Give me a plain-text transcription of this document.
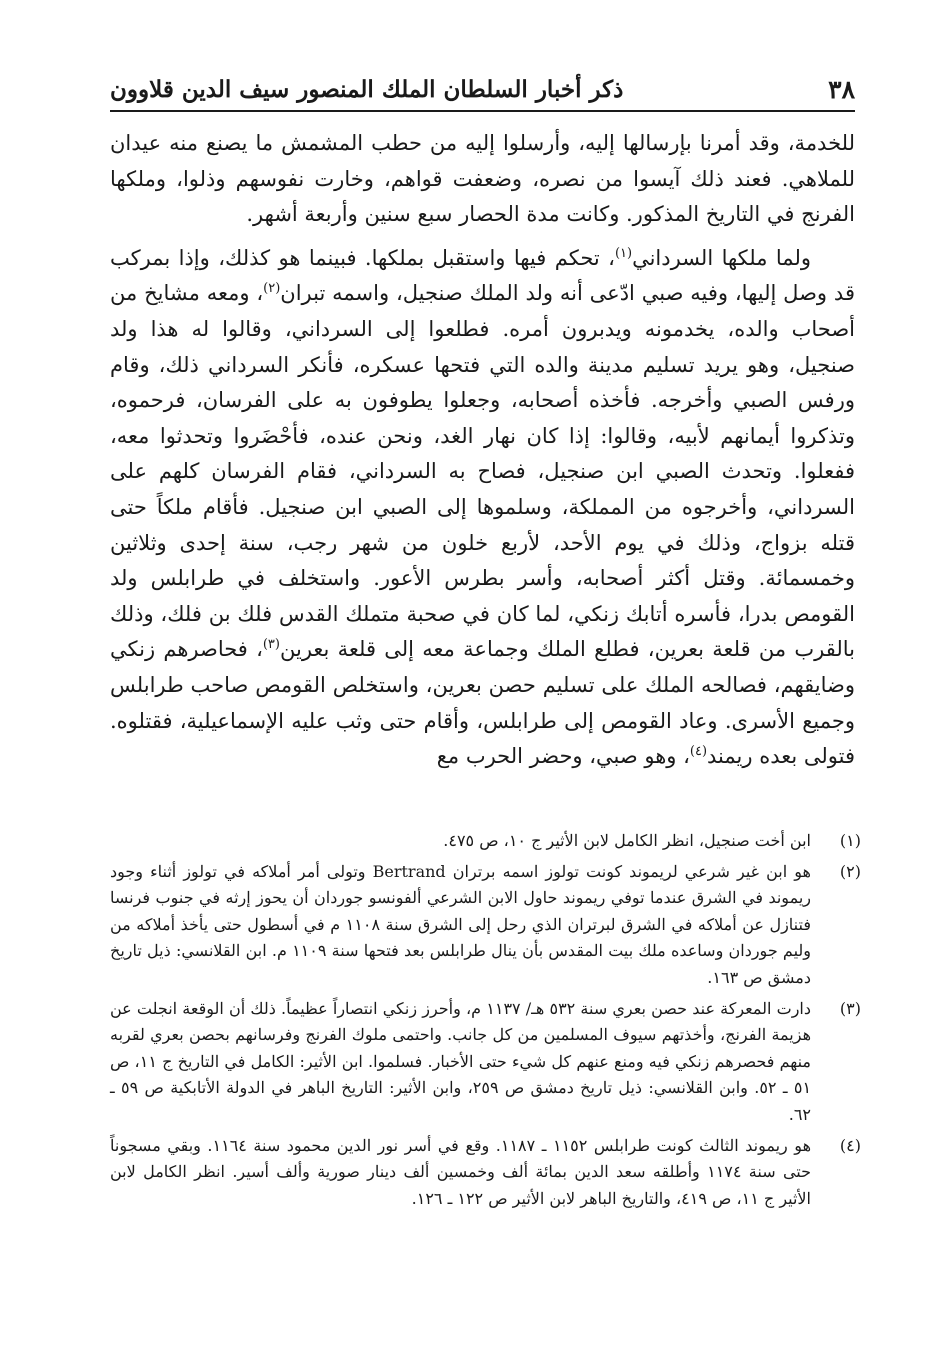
٣٨
ذكر أخبار السلطان الملك المنصور سيف الدين قلاوون

للخدمة، وقد أمرنا بإرسالها إليه، وأرسلوا إليه من حطب المشمش ما يصنع منه عيدان للملاهي. فعند ذلك آيسوا من نصره، وضعفت قواهم، وخارت نفوسهم وذلوا، وملكها الفرنج في التاريخ المذكور. وكانت مدة الحصار سبع سنين وأربعة أشهر.

ولما ملكها السرداني$^{(١)}$، تحكم فيها واستقبل بملكها. فبينما هو كذلك، وإذا بمركب قد وصل إليها، وفيه صبي ادّعى أنه ولد الملك صنجيل، واسمه تبران$^{(٢)}$، ومعه مشايخ من أصحاب والده، يخدمونه ويدبرون أمره. فطلعوا إلى السرداني، وقالوا له هذا ولد صنجيل، وهو يريد تسليم مدينة والده التي فتحها عسكره، فأنكر السرداني ذلك، وقام ورفس الصبي وأخرجه. فأخذه أصحابه، وجعلوا يطوفون به على الفرسان، فرحموه، وتذكروا أيمانهم لأبيه، وقالوا: إذا كان نهار الغد، ونحن عنده، فأحْضَروا وتحدثوا معه، ففعلوا. وتحدث الصبي ابن صنجيل، فصاح به السرداني، فقام الفرسان كلهم على السرداني، وأخرجوه من المملكة، وسلموها إلى الصبي ابن صنجيل. فأقام ملكاً حتى قتله بزواج، وذلك في يوم الأحد، لأربع خلون من شهر رجب، سنة إحدى وثلاثين وخمسمائة. وقتل أكثر أصحابه، وأسر بطرس الأعور. واستخلف في طرابلس ولد القومص بدرا، فأسره أتابك زنكي، لما كان في صحبة متملك القدس فلك بن فلك، وذلك بالقرب من قلعة بعرين، فطلع الملك وجماعة معه إلى قلعة بعرين$^{(٣)}$، فحاصرهم زنكي وضايقهم، فصالحه الملك على تسليم حصن بعرين، واستخلص القومص صاحب طرابلس وجميع الأسرى. وعاد القومص إلى طرابلس، وأقام حتى وثب عليه الإسماعيلية، فقتلوه. فتولى بعده ريمند$^{(٤)}$، وهو صبي، وحضر الحرب مع

(١)
ابن أخت صنجيل، انظر الكامل لابن الأثير ج ١٠، ص ٤٧٥.
(٢)
هو ابن غير شرعي لريموند كونت تولوز اسمه برتران Bertrand وتولى أمر أملاكه في تولوز أثناء وجود ريموند في الشرق عندما توفي ريموند حاول الابن الشرعي ألفونسو جوردان أن يحوز إرثه في جنوب فرنسا فتنازل عن أملاكه في الشرق لبرتران الذي رحل إلى الشرق سنة ١١٠٨ م في أسطول حتى يأخذ أملاكه من وليم جوردان وساعده ملك بيت المقدس بأن ينال طرابلس بعد فتحها سنة ١١٠٩ م. ابن القلانسي: ذيل تاريخ دمشق ص ١٦٣.
(٣)
دارت المعركة عند حصن بعري سنة ٥٣٢ هـ/ ١١٣٧ م، وأحرز زنكي انتصاراً عظيماً. ذلك أن الوقعة انجلت عن هزيمة الفرنج، وأخذتهم سيوف المسلمين من كل جانب. واحتمى ملوك الفرنج وفرسانهم بحصن بعري لقربه منهم فحصرهم زنكي فيه ومنع عنهم كل شيء حتى الأخبار. فسلموا. ابن الأثير: الكامل في التاريخ ج ١١، ص ٥١ ـ ٥٢. وابن القلانسي: ذيل تاريخ دمشق ص ٢٥٩، وابن الأثير: التاريخ الباهر في الدولة الأتابكية ص ٥٩ ـ ٦٢.
(٤)
هو ريموند الثالث كونت طرابلس ١١٥٢ ـ ١١٨٧. وقع في أسر نور الدين محمود سنة ١١٦٤. وبقي مسجوناً حتى سنة ١١٧٤ وأطلقه سعد الدين بمائة ألف وخمسين ألف دينار صورية وألف أسير. انظر الكامل لابن الأثير ج ١١، ص ٤١٩، والتاريخ الباهر لابن الأثير ص ١٢٢ ـ ١٢٦.
